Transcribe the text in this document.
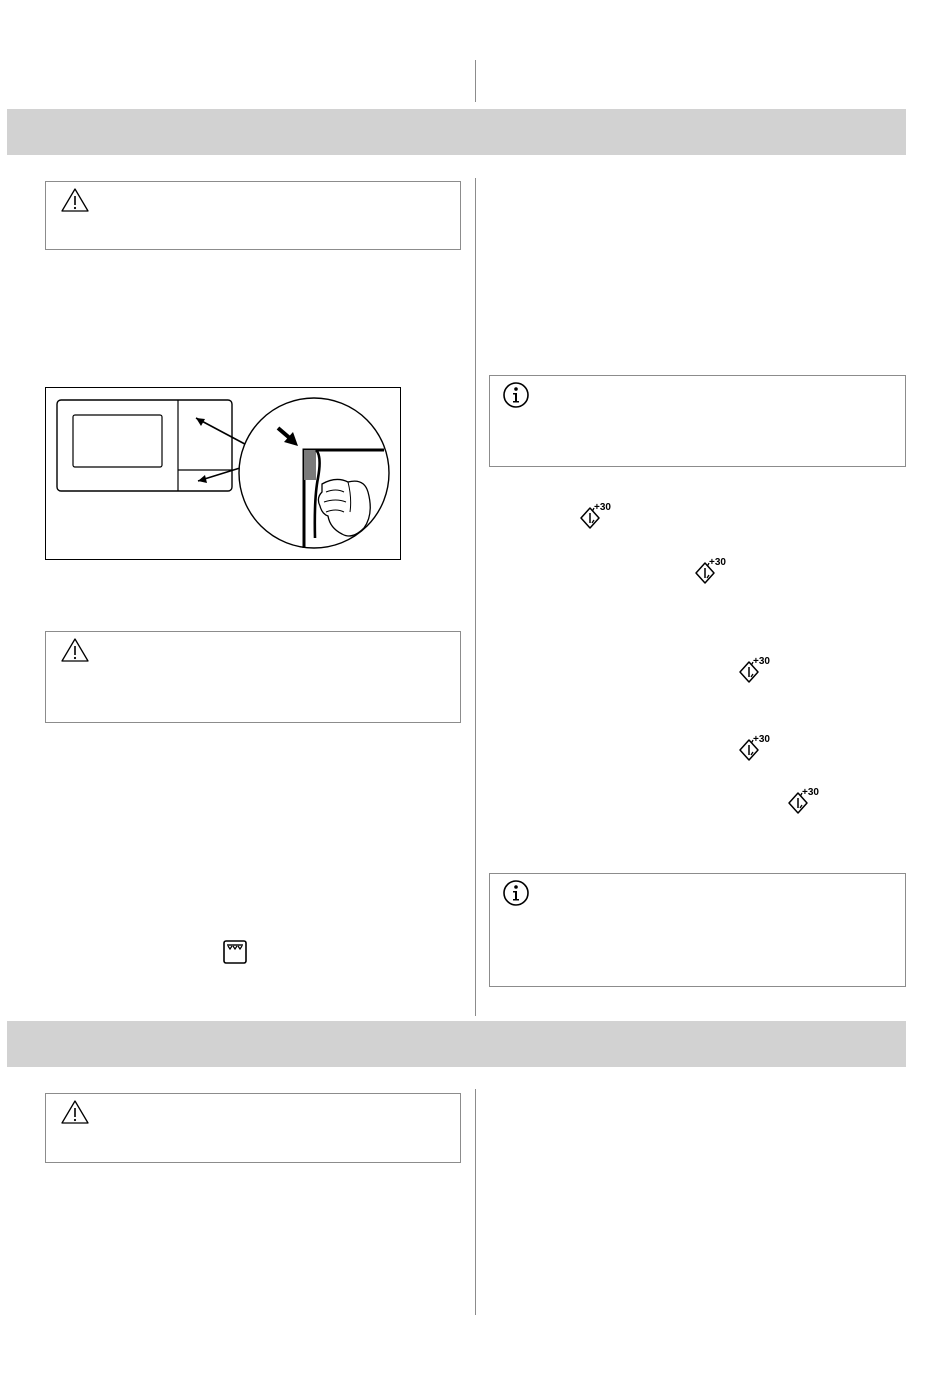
+30
+30
+30
+30
+30
